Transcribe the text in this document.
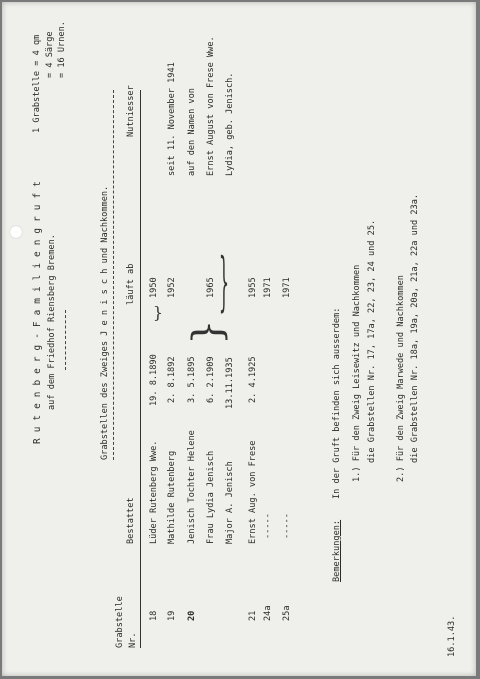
R u t e n b e r g - F a m i l i e n g r u f t auf dem Friedhof Riensberg Bremen.
1 Grabstelle = 4 qm = 4 Särge = 16 Urnen.
Grabstellen des Zweiges J e n i s c h und Nachkommen.
Grabstelle Nr.
Bestattet
läuft ab
Nutniesser
18
Lüder Rutenberg Wwe.
19. 8.1890
1950
19
Mathilde Rutenberg
2. 8.1892
1952
20
Jenisch Tochter Helene
3. 5.1895
Frau Lydia Jenisch
6. 2.1909
1965
Major A. Jenisch
13.11.1935
21
Ernst Aug. von Frese
2. 4.1925
1955
24a
-----
1971
25a
-----
1971
}
}
}
seit 11. November 1941 auf den Namen von Ernst August von Frese Wwe. Lydia, geb. Jenisch.
Bemerkungen:
In der Gruft befinden sich ausserdem: 1.) Für den Zweig Leisewitz und Nachkommen die Grabstellen Nr. 17, 17a, 22, 23, 24 und 25. 2.) Für den Zweig Marwede und Nachkommen die Grabstellen Nr. 18a, 19a, 20a, 21a, 22a und 23a.
16.1.43.
